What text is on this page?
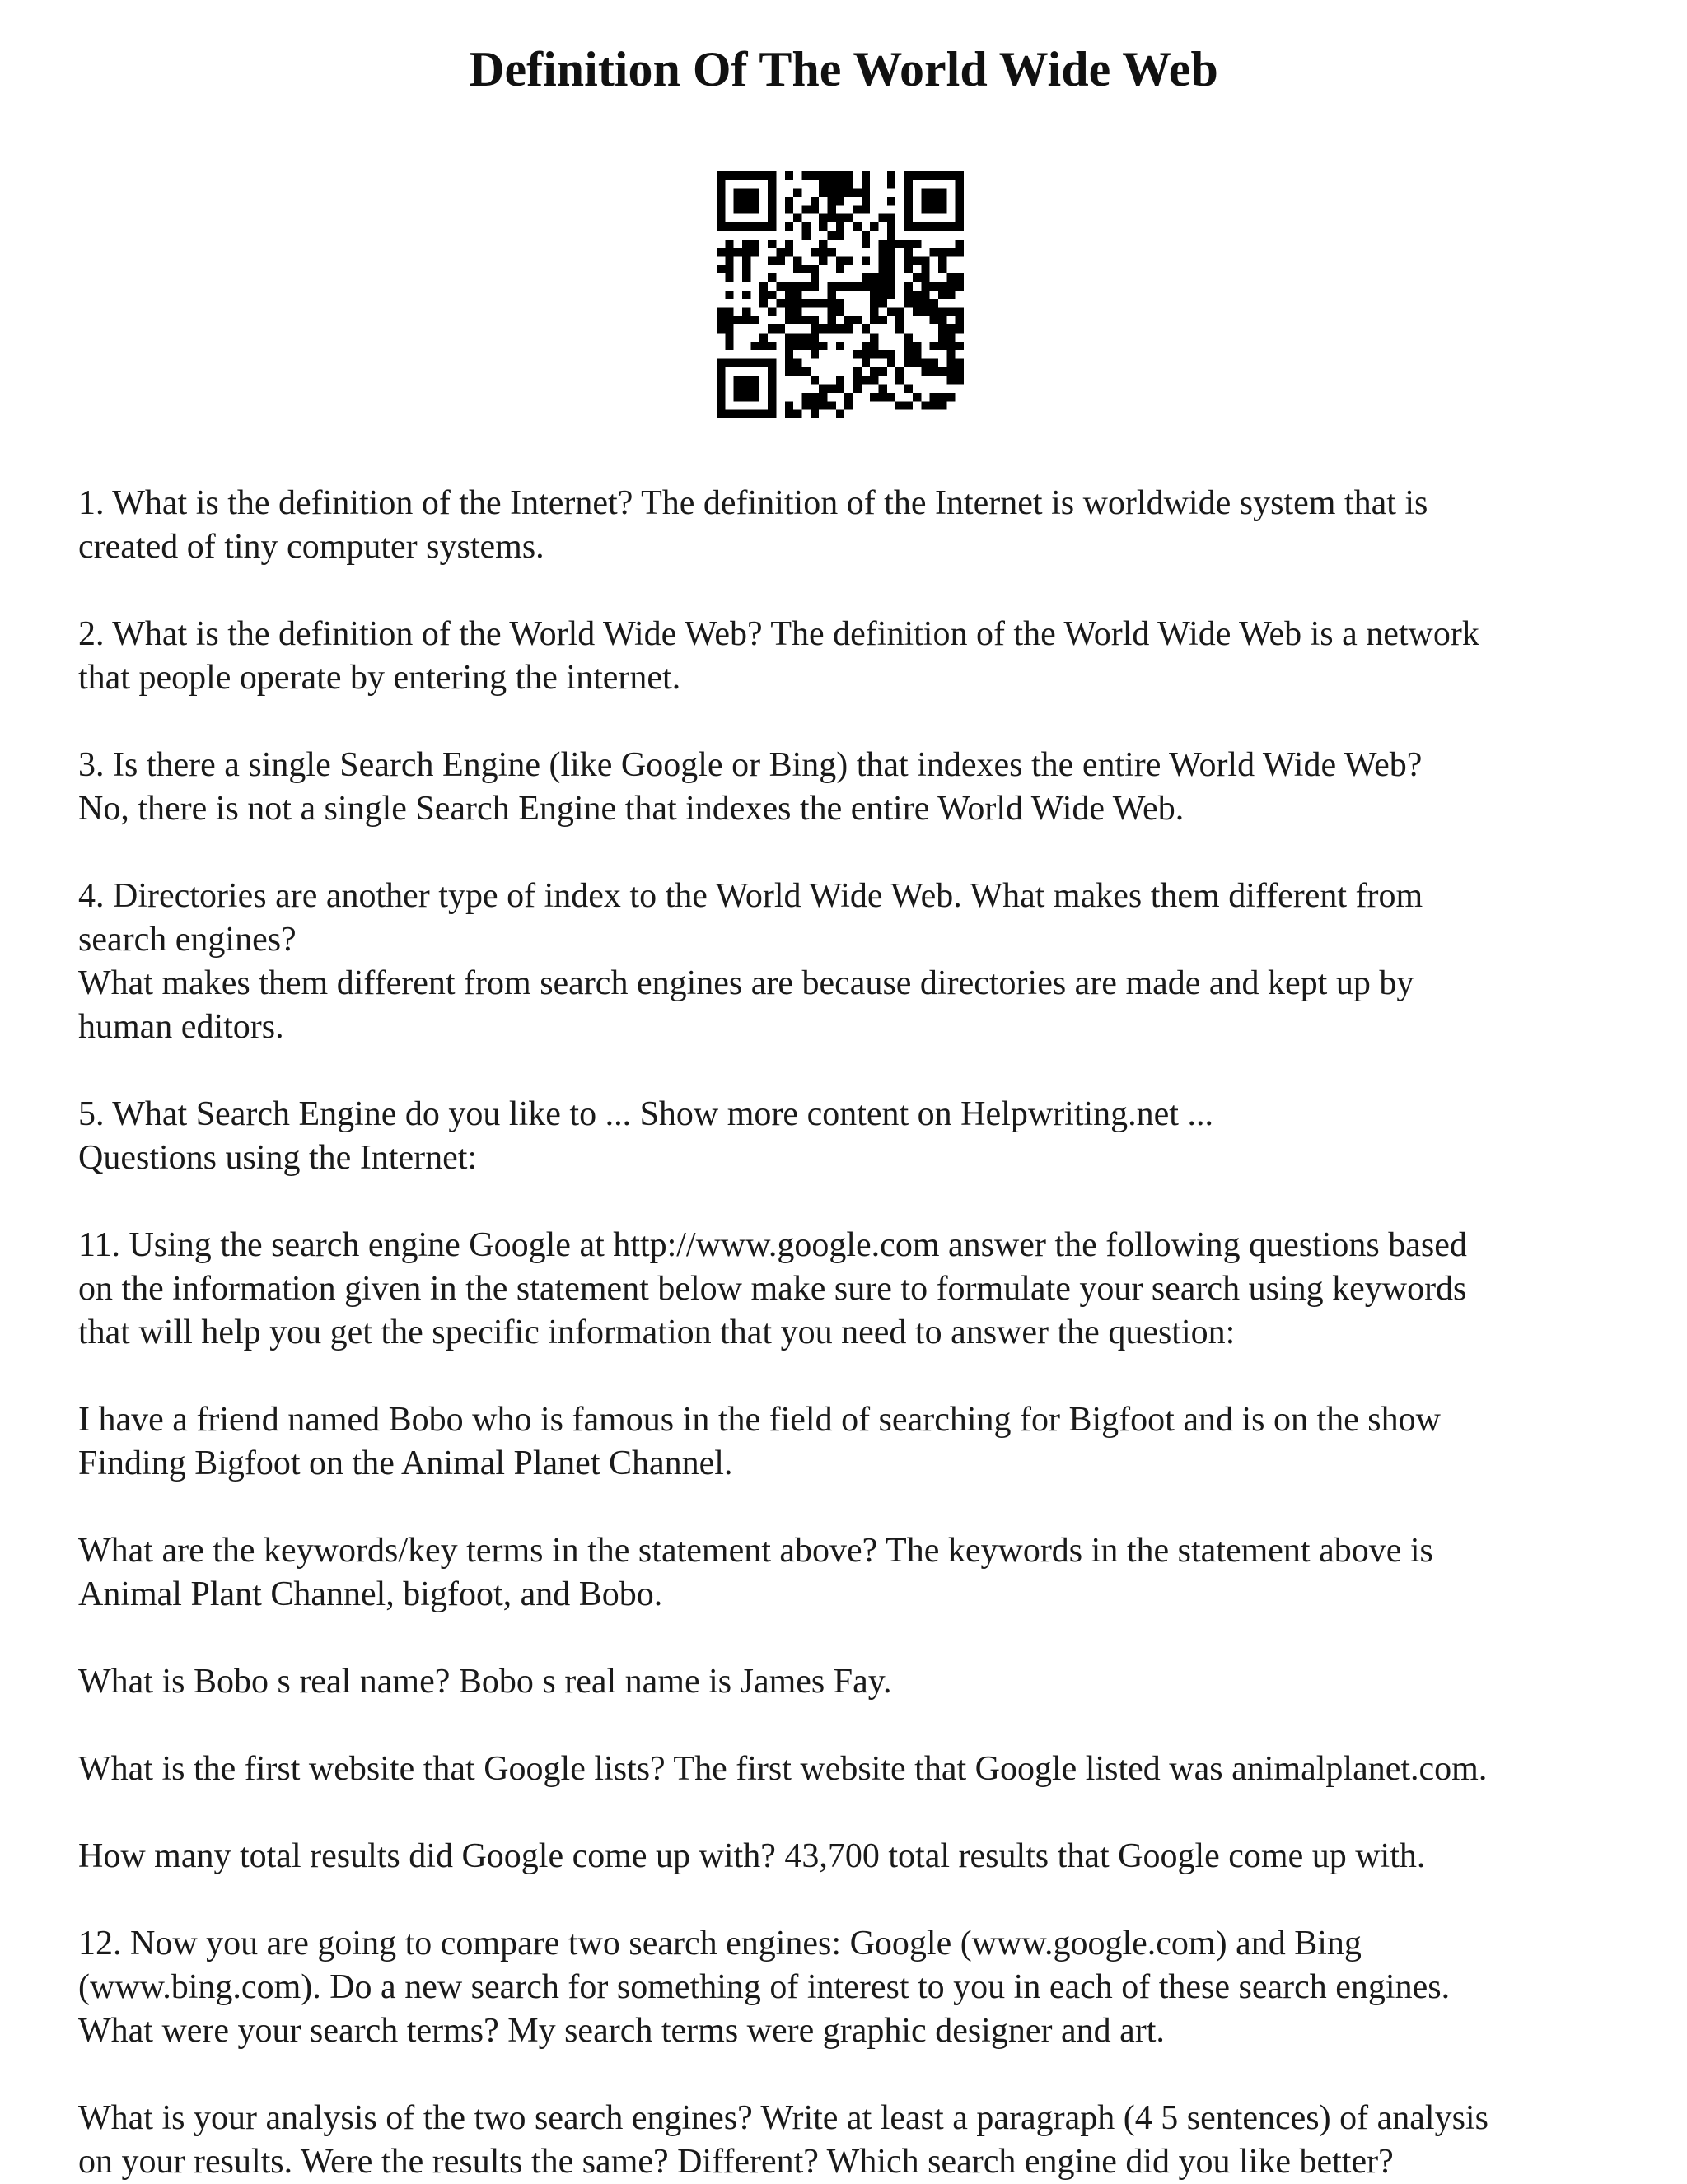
Definition Of The World Wide Web

1. What is the definition of the Internet? The definition of the Internet is worldwide system that is
created of tiny computer systems.

2. What is the definition of the World Wide Web? The definition of the World Wide Web is a network
that people operate by entering the internet.

3. Is there a single Search Engine (like Google or Bing) that indexes the entire World Wide Web?
No, there is not a single Search Engine that indexes the entire World Wide Web.

4. Directories are another type of index to the World Wide Web. What makes them different from
search engines?
What makes them different from search engines are because directories are made and kept up by
human editors.

5. What Search Engine do you like to ... Show more content on Helpwriting.net ...
Questions using the Internet:

11. Using the search engine Google at http://www.google.com answer the following questions based
on the information given in the statement below make sure to formulate your search using keywords
that will help you get the specific information that you need to answer the question:

I have a friend named Bobo who is famous in the field of searching for Bigfoot and is on the show
Finding Bigfoot on the Animal Planet Channel.

What are the keywords/key terms in the statement above? The keywords in the statement above is
Animal Plant Channel, bigfoot, and Bobo.

What is Bobo s real name? Bobo s real name is James Fay.

What is the first website that Google lists? The first website that Google listed was animalplanet.com.

How many total results did Google come up with? 43,700 total results that Google come up with.

12. Now you are going to compare two search engines: Google (www.google.com) and Bing
(www.bing.com). Do a new search for something of interest to you in each of these search engines.
What were your search terms? My search terms were graphic designer and art.

What is your analysis of the two search engines? Write at least a paragraph (4 5 sentences) of analysis
on your results. Were the results the same? Different? Which search engine did you like better?
